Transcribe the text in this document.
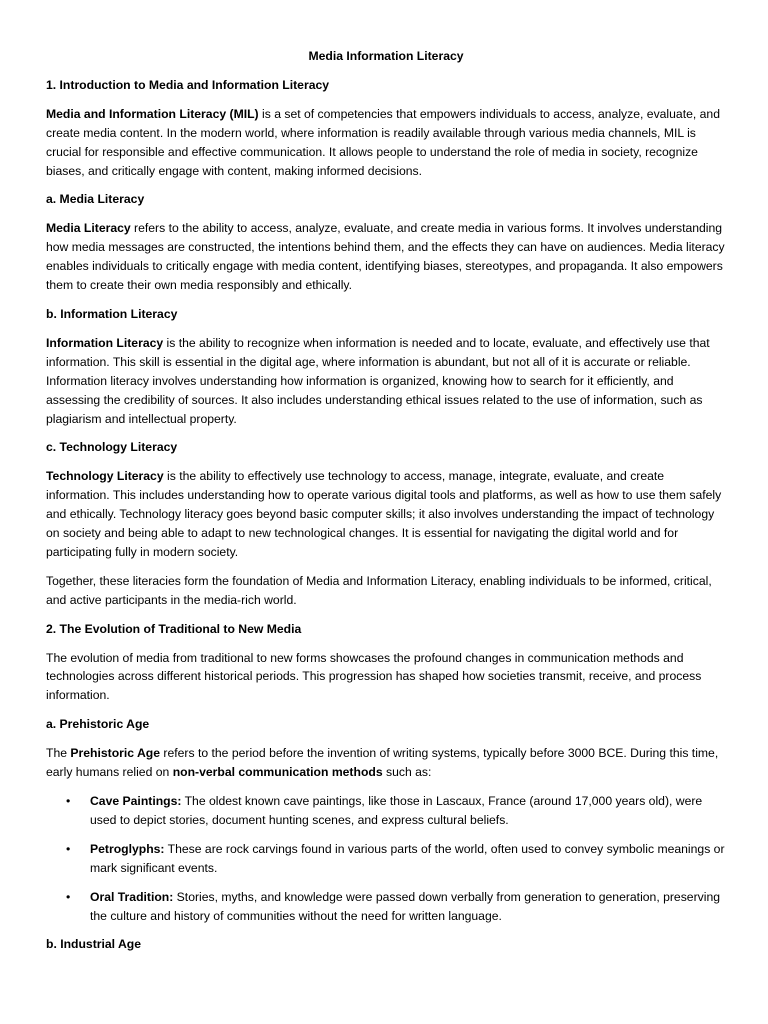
Media Information Literacy
1. Introduction to Media and Information Literacy

Media and Information Literacy (MIL) is a set of competencies that empowers individuals to access, analyze, evaluate, and create media content. In the modern world, where information is readily available through various media channels, MIL is crucial for responsible and effective communication. It allows people to understand the role of media in society, recognize biases, and critically engage with content, making informed decisions.

a. Media Literacy

Media Literacy refers to the ability to access, analyze, evaluate, and create media in various forms. It involves understanding how media messages are constructed, the intentions behind them, and the effects they can have on audiences. Media literacy enables individuals to critically engage with media content, identifying biases, stereotypes, and propaganda. It also empowers them to create their own media responsibly and ethically.

b. Information Literacy

Information Literacy is the ability to recognize when information is needed and to locate, evaluate, and effectively use that information. This skill is essential in the digital age, where information is abundant, but not all of it is accurate or reliable. Information literacy involves understanding how information is organized, knowing how to search for it efficiently, and assessing the credibility of sources. It also includes understanding ethical issues related to the use of information, such as plagiarism and intellectual property.

c. Technology Literacy

Technology Literacy is the ability to effectively use technology to access, manage, integrate, evaluate, and create information. This includes understanding how to operate various digital tools and platforms, as well as how to use them safely and ethically. Technology literacy goes beyond basic computer skills; it also involves understanding the impact of technology on society and being able to adapt to new technological changes. It is essential for navigating the digital world and for participating fully in modern society.

Together, these literacies form the foundation of Media and Information Literacy, enabling individuals to be informed, critical, and active participants in the media-rich world.

2. The Evolution of Traditional to New Media

The evolution of media from traditional to new forms showcases the profound changes in communication methods and technologies across different historical periods. This progression has shaped how societies transmit, receive, and process information.

a. Prehistoric Age

The Prehistoric Age refers to the period before the invention of writing systems, typically before 3000 BCE. During this time, early humans relied on non-verbal communication methods such as:

• Cave Paintings: The oldest known cave paintings, like those in Lascaux, France (around 17,000 years old), were used to depict stories, document hunting scenes, and express cultural beliefs.
• Petroglyphs: These are rock carvings found in various parts of the world, often used to convey symbolic meanings or mark significant events.
• Oral Tradition: Stories, myths, and knowledge were passed down verbally from generation to generation, preserving the culture and history of communities without the need for written language.
b. Industrial Age
